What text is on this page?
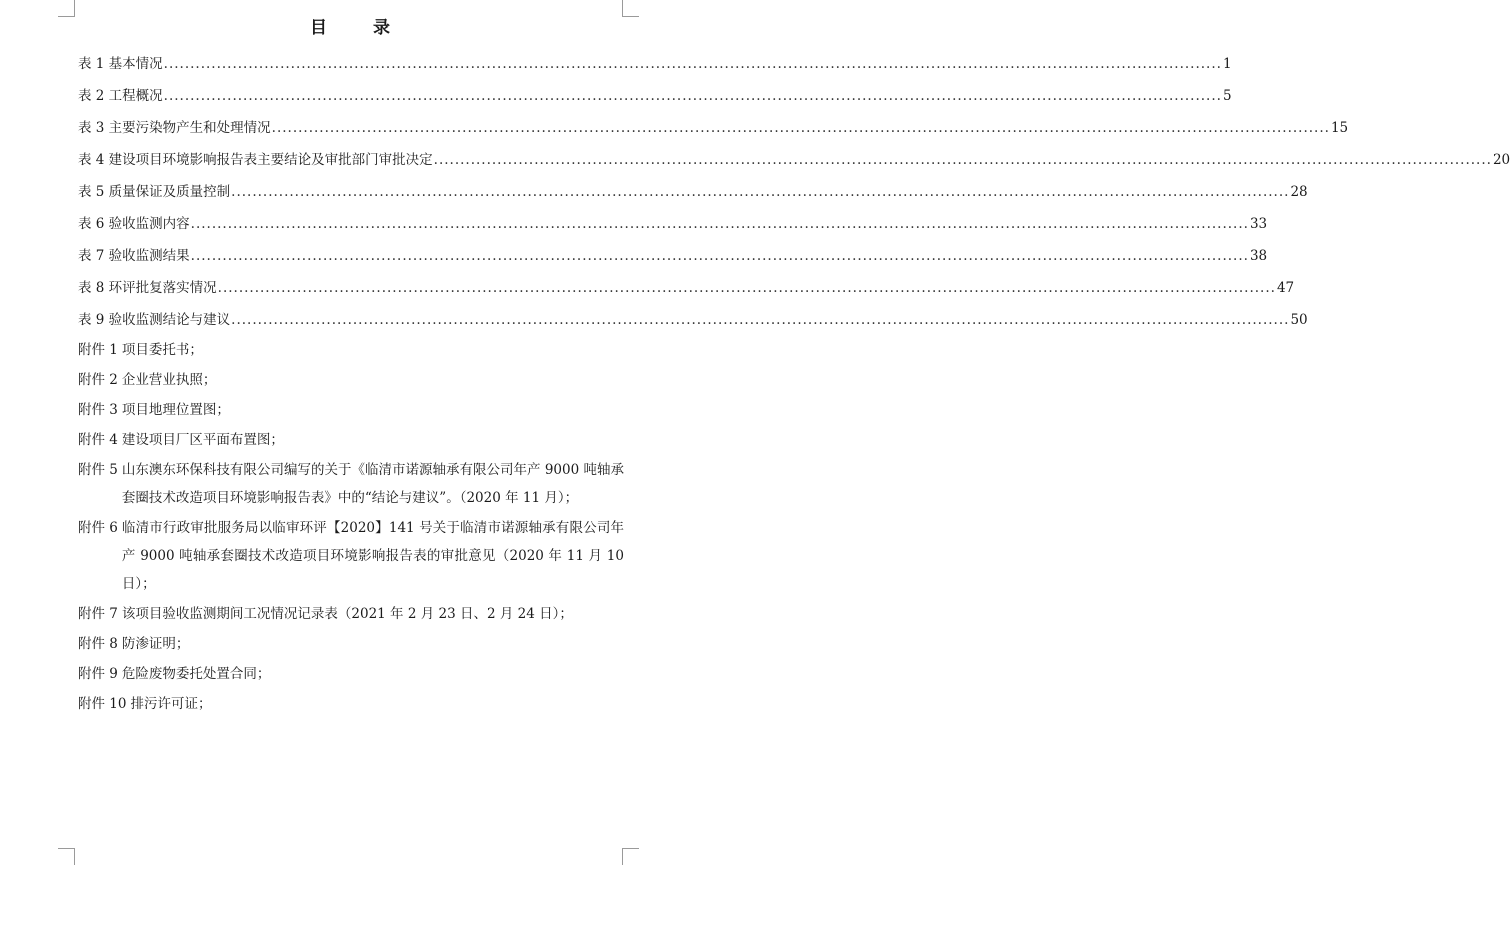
目 录
表 1 基本情况 ........................................................................................................................................................................................................ 1
表 2 工程概况 ........................................................................................................................................................................................................ 5
表 3 主要污染物产生和处理情况 ........................................................................................................................................................................................................ 15
表 4 建设项目环境影响报告表主要结论及审批部门审批决定 ........................................................................................................................................................................................................ 20
表 5 质量保证及质量控制 ........................................................................................................................................................................................................ 28
表 6 验收监测内容 ........................................................................................................................................................................................................ 33
表 7 验收监测结果 ........................................................................................................................................................................................................ 38
表 8 环评批复落实情况 ........................................................................................................................................................................................................ 47
表 9 验收监测结论与建议 ........................................................................................................................................................................................................ 50
附件 1 项目委托书；
附件 2 企业营业执照；
附件 3 项目地理位置图；
附件 4 建设项目厂区平面布置图；
附件 5 山东澳东环保科技有限公司编写的关于《临清市诺源轴承有限公司年产 9000 吨轴承套圈技术改造项目环境影响报告表》中的“结论与建议”。（2020 年 11 月）；
附件 6 临清市行政审批服务局以临审环评【2020】141 号关于临清市诺源轴承有限公司年产 9000 吨轴承套圈技术改造项目环境影响报告表的审批意见（2020 年 11 月 10 日）；
附件 7 该项目验收监测期间工况情况记录表（2021 年 2 月 23 日、2 月 24 日）；
附件 8 防渗证明；
附件 9 危险废物委托处置合同；
附件 10 排污许可证；
